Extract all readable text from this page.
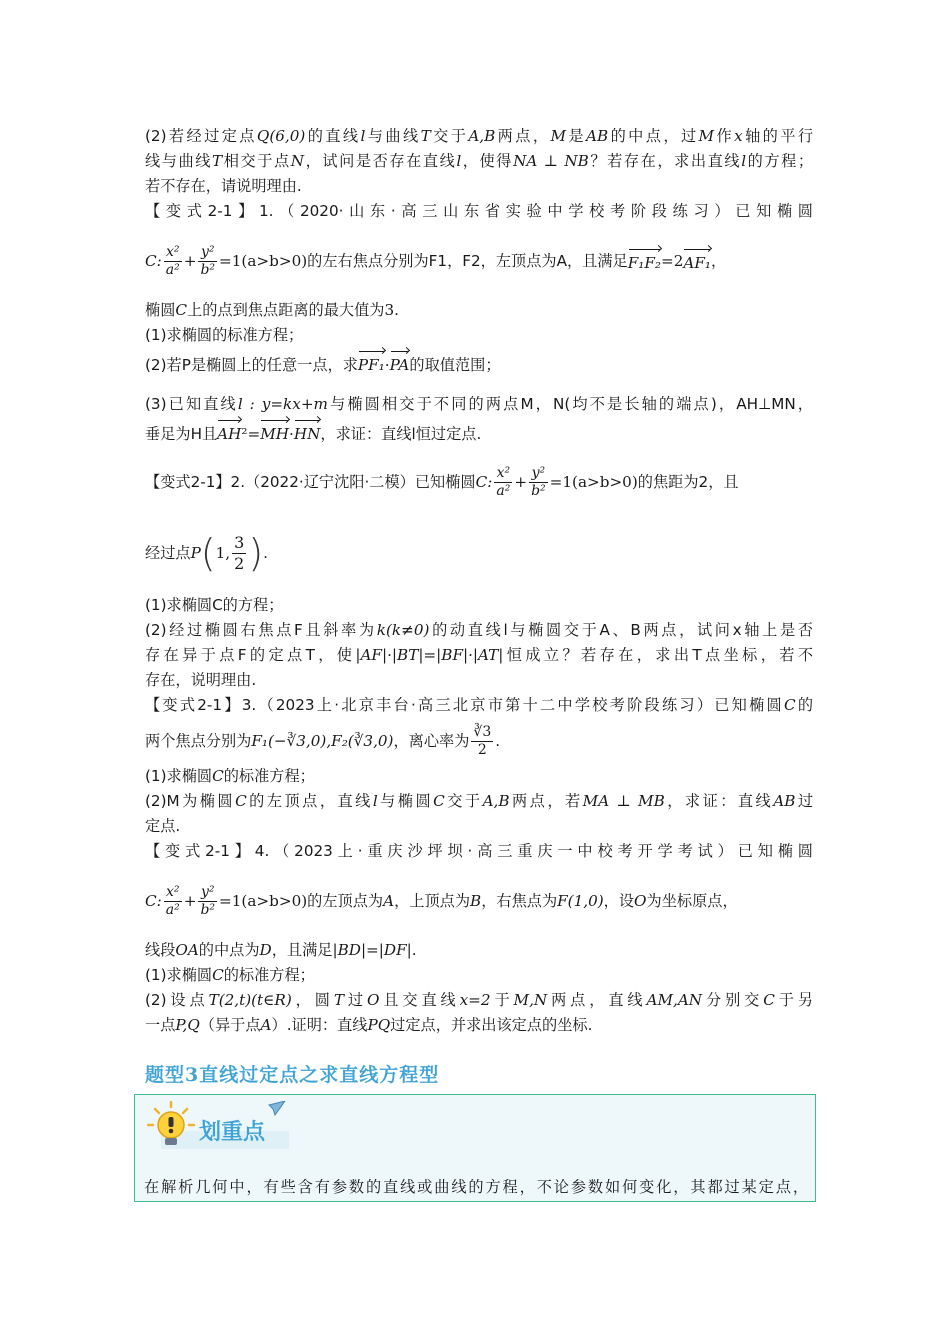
(2)若经过定点Q(6,0)的直线l与曲线T交于A,B两点，M是AB的中点，过M作x轴的平行
线与曲线T相交于点N，试问是否存在直线l，使得NA ⊥ NB？若存在，求出直线l的方程；
若不存在，请说明理由.
【变式2-1】1.（2020·山东·高三山东省实验中学校考阶段练习）已知椭圆
C: $\frac{\text{x²}}{\text{a²}} + \frac{\text{y²}}{\text{b²}} =1(a>b>0)$ 的左右焦点分别为F1，F2，左顶点为A，且满足 F₁F₂ =2 AF₁ ，
椭圆C上的点到焦点距离的最大值为3.
(1)求椭圆的标准方程；
(2)若P是椭圆上的任意一点，求PF₁·PA的取值范围；
(3)已知直线l : y=kx+m与椭圆相交于不同的两点M，N(均不是长轴的端点)，AH⊥MN，
垂足为H且AH²=MH·HN，求证：直线l恒过定点.
【变式2-1】2.（2022·辽宁沈阳·二模）已知椭圆 C: $\frac{\text{x²}}{\text{a²}} + \frac{\text{y²}}{\text{b²}} =1(a>b>0)$ 的焦距为2，且
经过点 P ( 1, $\frac{3}{2}$ ) .
(1)求椭圆C的方程；
(2)经过椭圆右焦点F且斜率为k(k≠0)的动直线l与椭圆交于A、B两点，试问x轴上是否
存在异于点F的定点T，使|AF|·|BT|=|BF|·|AT|恒成立？若存在，求出T点坐标，若不
存在，说明理由.
【变式2-1】3.（2023上·北京丰台·高三北京市第十二中学校考阶段练习）已知椭圆C的
两个焦点分别为 F₁(−∛3,0),F₂(∛3,0) ，离心率为 $\frac{∛3}{2}$ .
(1)求椭圆C的标准方程；
(2)M为椭圆C的左顶点，直线l与椭圆C交于A,B两点，若MA ⊥ MB，求证：直线AB过
定点.
【变式2-1】4.（2023上·重庆沙坪坝·高三重庆一中校考开学考试）已知椭圆
C: $\frac{\text{x²}}{\text{a²}} + \frac{\text{y²}}{\text{b²}} =1(a>b>0)$ 的左顶点为 A ，上顶点为 B ，右焦点为 F(1,0) ，设 O 为坐标原点，
线段OA的中点为D，且满足|BD|=|DF|.
(1)求椭圆C的标准方程；
(2)设点T(2,t)(t∈R)，圆T过O且交直线x=2于M,N两点，直线AM,AN分别交C于另
一点P,Q（异于点A）.证明：直线PQ过定点，并求出该定点的坐标.
题型3直线过定点之求直线方程型
划重点
在解析几何中，有些含有参数的直线或曲线的方程，不论参数如何变化，其都过某定点，
